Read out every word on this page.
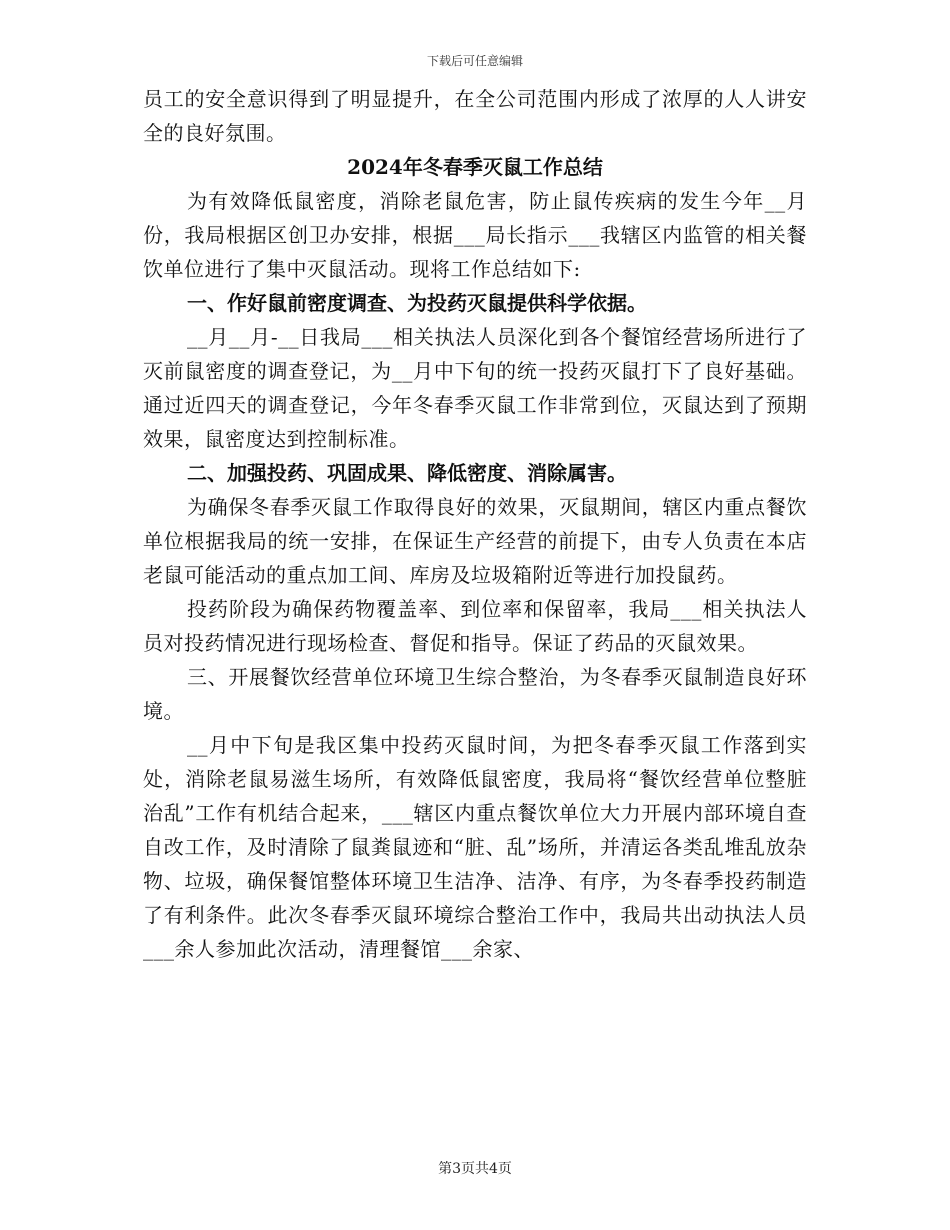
下载后可任意编辑

员工的安全意识得到了明显提升，在全公司范围内形成了浓厚的人人讲安全的良好氛围。

2024年冬春季灭鼠工作总结

为有效降低鼠密度，消除老鼠危害，防止鼠传疾病的发生今年__月份，我局根据区创卫办安排，根据___局长指示___我辖区内监管的相关餐饮单位进行了集中灭鼠活动。现将工作总结如下:

一、作好鼠前密度调查、为投药灭鼠提供科学依据。

__月__月-__日我局___相关执法人员深化到各个餐馆经营场所进行了灭前鼠密度的调查登记，为__月中下旬的统一投药灭鼠打下了良好基础。通过近四天的调查登记，今年冬春季灭鼠工作非常到位，灭鼠达到了预期效果，鼠密度达到控制标准。

二、加强投药、巩固成果、降低密度、消除属害。

为确保冬春季灭鼠工作取得良好的效果，灭鼠期间，辖区内重点餐饮单位根据我局的统一安排，在保证生产经营的前提下，由专人负责在本店老鼠可能活动的重点加工间、库房及垃圾箱附近等进行加投鼠药。

投药阶段为确保药物覆盖率、到位率和保留率，我局___相关执法人员对投药情况进行现场检查、督促和指导。保证了药品的灭鼠效果。

三、开展餐饮经营单位环境卫生综合整治，为冬春季灭鼠制造良好环境。

__月中下旬是我区集中投药灭鼠时间，为把冬春季灭鼠工作落到实处，消除老鼠易滋生场所，有效降低鼠密度，我局将“餐饮经营单位整脏治乱”工作有机结合起来，___辖区内重点餐饮单位大力开展内部环境自查自改工作，及时清除了鼠粪鼠迹和“脏、乱”场所，并清运各类乱堆乱放杂物、垃圾，确保餐馆整体环境卫生洁净、洁净、有序，为冬春季投药制造了有利条件。此次冬春季灭鼠环境综合整治工作中，我局共出动执法人员___余人参加此次活动，清理餐馆___余家、

第3页共4页
